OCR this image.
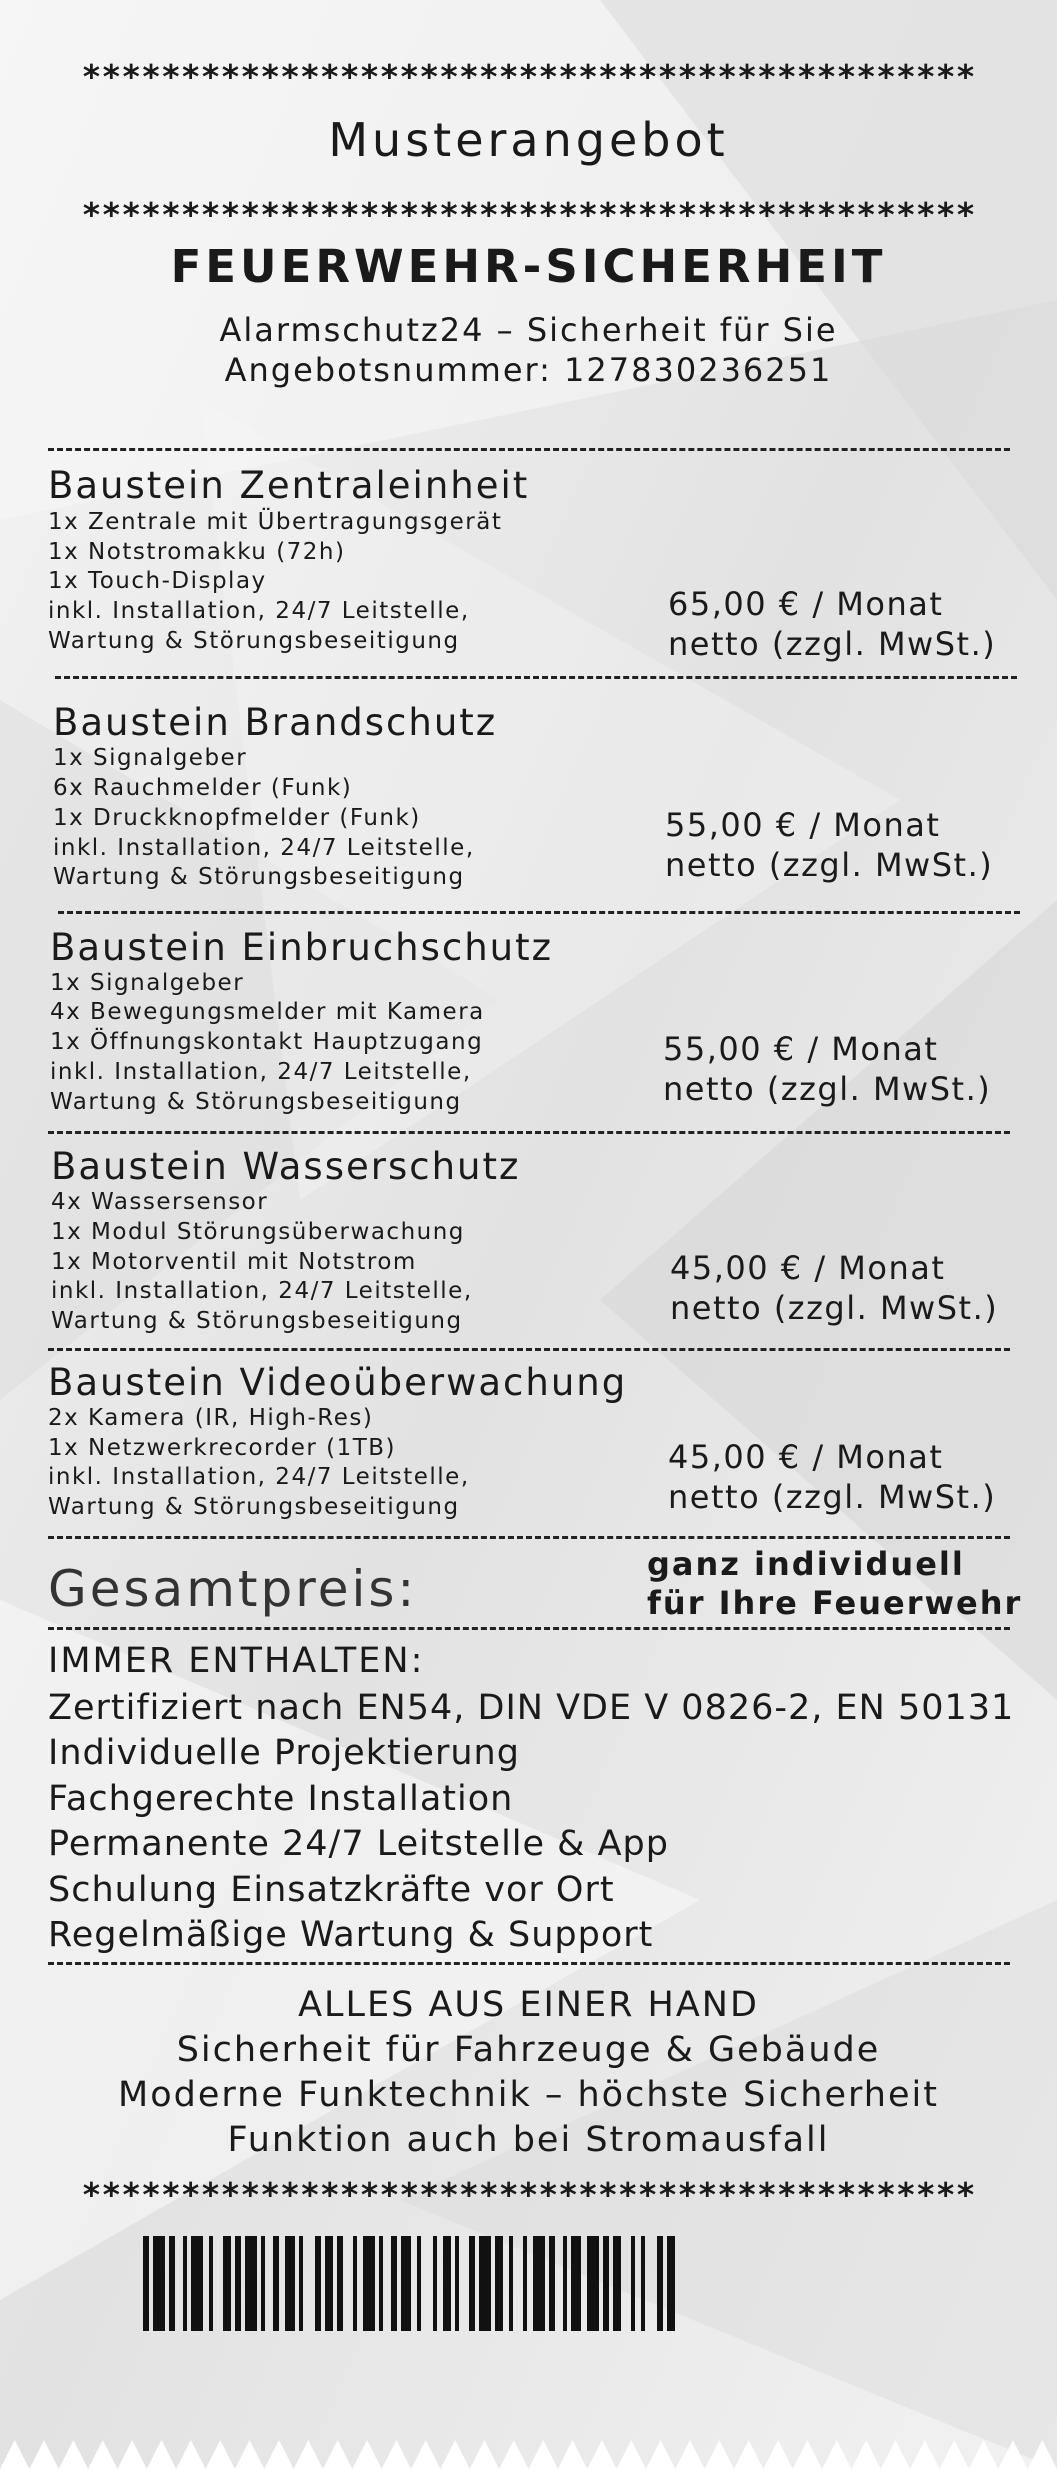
*********************************************
Musterangebot
*********************************************
FEUERWEHR-SICHERHEIT
Alarmschutz24 – Sicherheit für Sie
Angebotsnummer: 127830236251
Baustein Zentraleinheit
1x Zentrale mit Übertragungsgerät
1x Notstromakku (72h)
1x Touch-Display
inkl. Installation, 24/7 Leitstelle,
Wartung & Störungsbeseitigung
65,00 € / Monat
netto (zzgl. MwSt.)
Baustein Brandschutz
1x Signalgeber
6x Rauchmelder (Funk)
1x Druckknopfmelder (Funk)
inkl. Installation, 24/7 Leitstelle,
Wartung & Störungsbeseitigung
55,00 € / Monat
netto (zzgl. MwSt.)
Baustein Einbruchschutz
1x Signalgeber
4x Bewegungsmelder mit Kamera
1x Öffnungskontakt Hauptzugang
inkl. Installation, 24/7 Leitstelle,
Wartung & Störungsbeseitigung
55,00 € / Monat
netto (zzgl. MwSt.)
Baustein Wasserschutz
4x Wassersensor
1x Modul Störungsüberwachung
1x Motorventil mit Notstrom
inkl. Installation, 24/7 Leitstelle,
Wartung & Störungsbeseitigung
45,00 € / Monat
netto (zzgl. MwSt.)
Baustein Videoüberwachung
2x Kamera (IR, High-Res)
1x Netzwerkrecorder (1TB)
inkl. Installation, 24/7 Leitstelle,
Wartung & Störungsbeseitigung
45,00 € / Monat
netto (zzgl. MwSt.)
Gesamtpreis:	ganz individuell
für Ihre Feuerwehr
IMMER ENTHALTEN:
Zertifiziert nach EN54, DIN VDE V 0826-2, EN 50131
Individuelle Projektierung
Fachgerechte Installation
Permanente 24/7 Leitstelle & App
Schulung Einsatzkräfte vor Ort
Regelmäßige Wartung & Support
ALLES AUS EINER HAND
Sicherheit für Fahrzeuge & Gebäude
Moderne Funktechnik – höchste Sicherheit
Funktion auch bei Stromausfall
*********************************************
